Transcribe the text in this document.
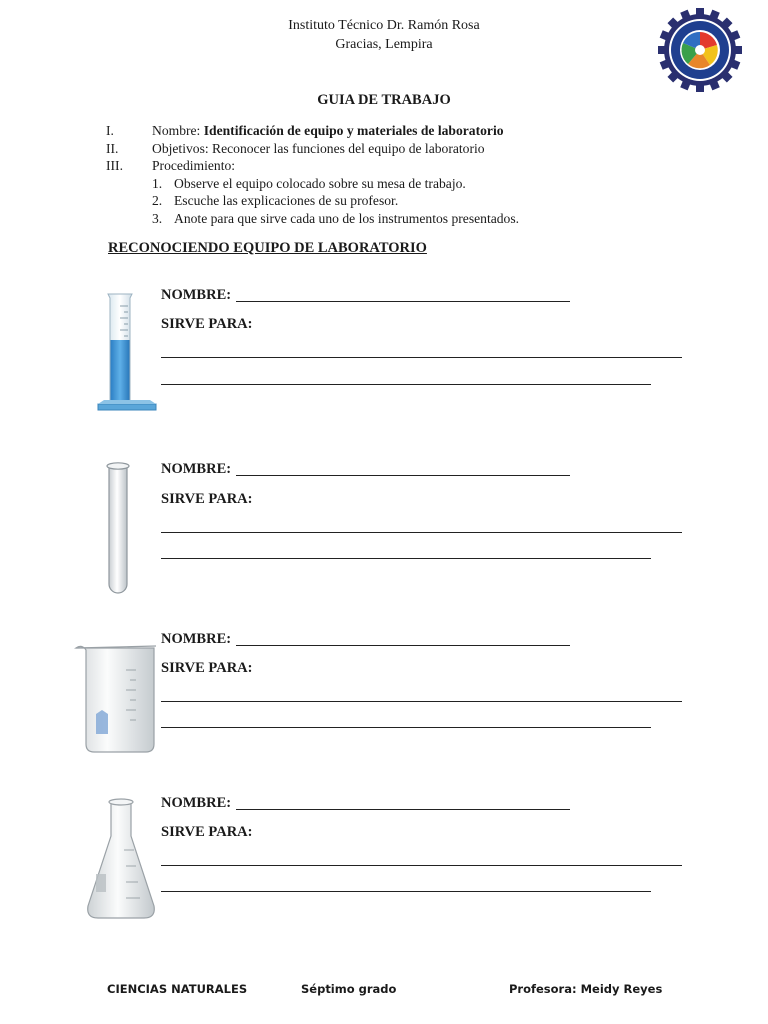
Instituto Técnico Dr. Ramón Rosa
Gracias, Lempira
GUIA DE TRABAJO
I.	Nombre: Identificación de equipo y materiales de laboratorio
II.	Objetivos: Reconocer las funciones del equipo de laboratorio
III.	Procedimiento:
1. Observe el equipo colocado sobre su mesa de trabajo.
2. Escuche las explicaciones de su profesor.
3. Anote para que sirve cada uno de los instrumentos presentados.
RECONOCIENDO EQUIPO DE LABORATORIO
NOMBRE:
SIRVE PARA:
NOMBRE:
SIRVE PARA:
NOMBRE:
SIRVE PARA:
NOMBRE:
SIRVE PARA:
CIENCIAS NATURALES	Séptimo grado	Profesora: Meidy Reyes
